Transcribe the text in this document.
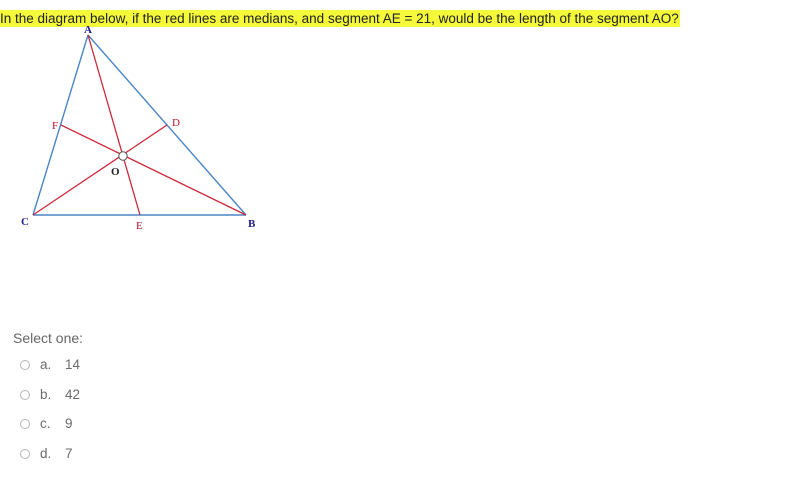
In the diagram below, if the red lines are medians, and segment AE = 21, would be the length of the segment AO?
A
B
C
D
E
F
O
Select one:
a.	14
b.	42
c.	9
d.	7
